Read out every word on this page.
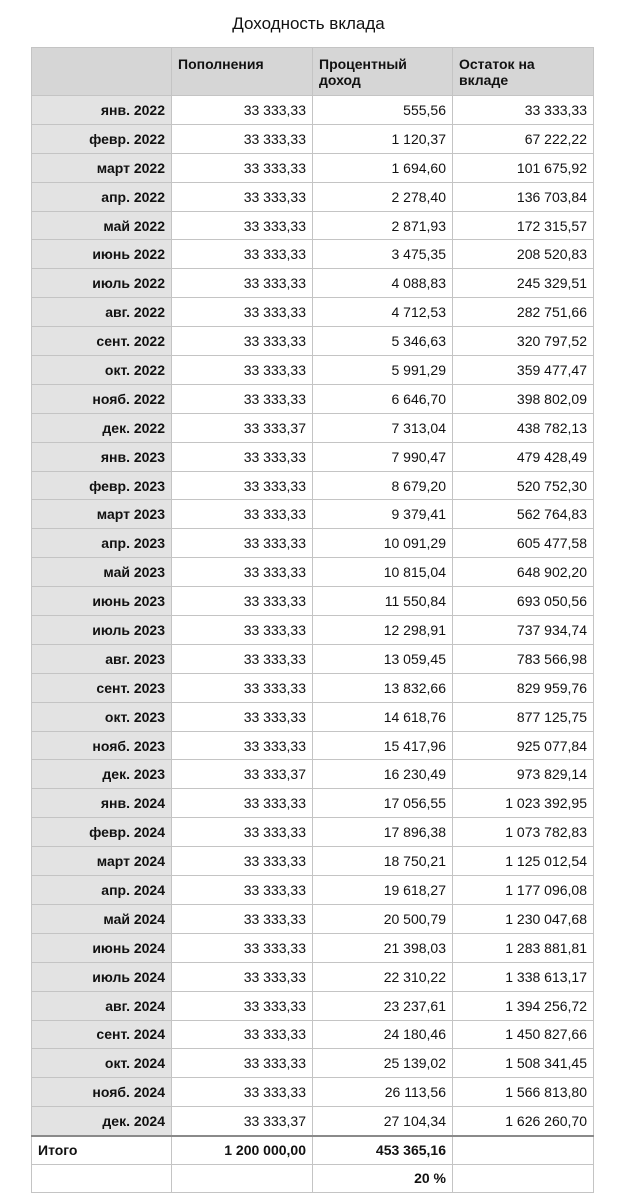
Доходность вклада
	Пополнения	Процентный доход	Остаток на вкладе
янв. 2022	33 333,33	555,56	33 333,33
февр. 2022	33 333,33	1 120,37	67 222,22
март 2022	33 333,33	1 694,60	101 675,92
апр. 2022	33 333,33	2 278,40	136 703,84
май 2022	33 333,33	2 871,93	172 315,57
июнь 2022	33 333,33	3 475,35	208 520,83
июль 2022	33 333,33	4 088,83	245 329,51
авг. 2022	33 333,33	4 712,53	282 751,66
сент. 2022	33 333,33	5 346,63	320 797,52
окт. 2022	33 333,33	5 991,29	359 477,47
нояб. 2022	33 333,33	6 646,70	398 802,09
дек. 2022	33 333,37	7 313,04	438 782,13
янв. 2023	33 333,33	7 990,47	479 428,49
февр. 2023	33 333,33	8 679,20	520 752,30
март 2023	33 333,33	9 379,41	562 764,83
апр. 2023	33 333,33	10 091,29	605 477,58
май 2023	33 333,33	10 815,04	648 902,20
июнь 2023	33 333,33	11 550,84	693 050,56
июль 2023	33 333,33	12 298,91	737 934,74
авг. 2023	33 333,33	13 059,45	783 566,98
сент. 2023	33 333,33	13 832,66	829 959,76
окт. 2023	33 333,33	14 618,76	877 125,75
нояб. 2023	33 333,33	15 417,96	925 077,84
дек. 2023	33 333,37	16 230,49	973 829,14
янв. 2024	33 333,33	17 056,55	1 023 392,95
февр. 2024	33 333,33	17 896,38	1 073 782,83
март 2024	33 333,33	18 750,21	1 125 012,54
апр. 2024	33 333,33	19 618,27	1 177 096,08
май 2024	33 333,33	20 500,79	1 230 047,68
июнь 2024	33 333,33	21 398,03	1 283 881,81
июль 2024	33 333,33	22 310,22	1 338 613,17
авг. 2024	33 333,33	23 237,61	1 394 256,72
сент. 2024	33 333,33	24 180,46	1 450 827,66
окт. 2024	33 333,33	25 139,02	1 508 341,45
нояб. 2024	33 333,33	26 113,56	1 566 813,80
дек. 2024	33 333,37	27 104,34	1 626 260,70
Итого	1 200 000,00	453 365,16	
		20 %	
